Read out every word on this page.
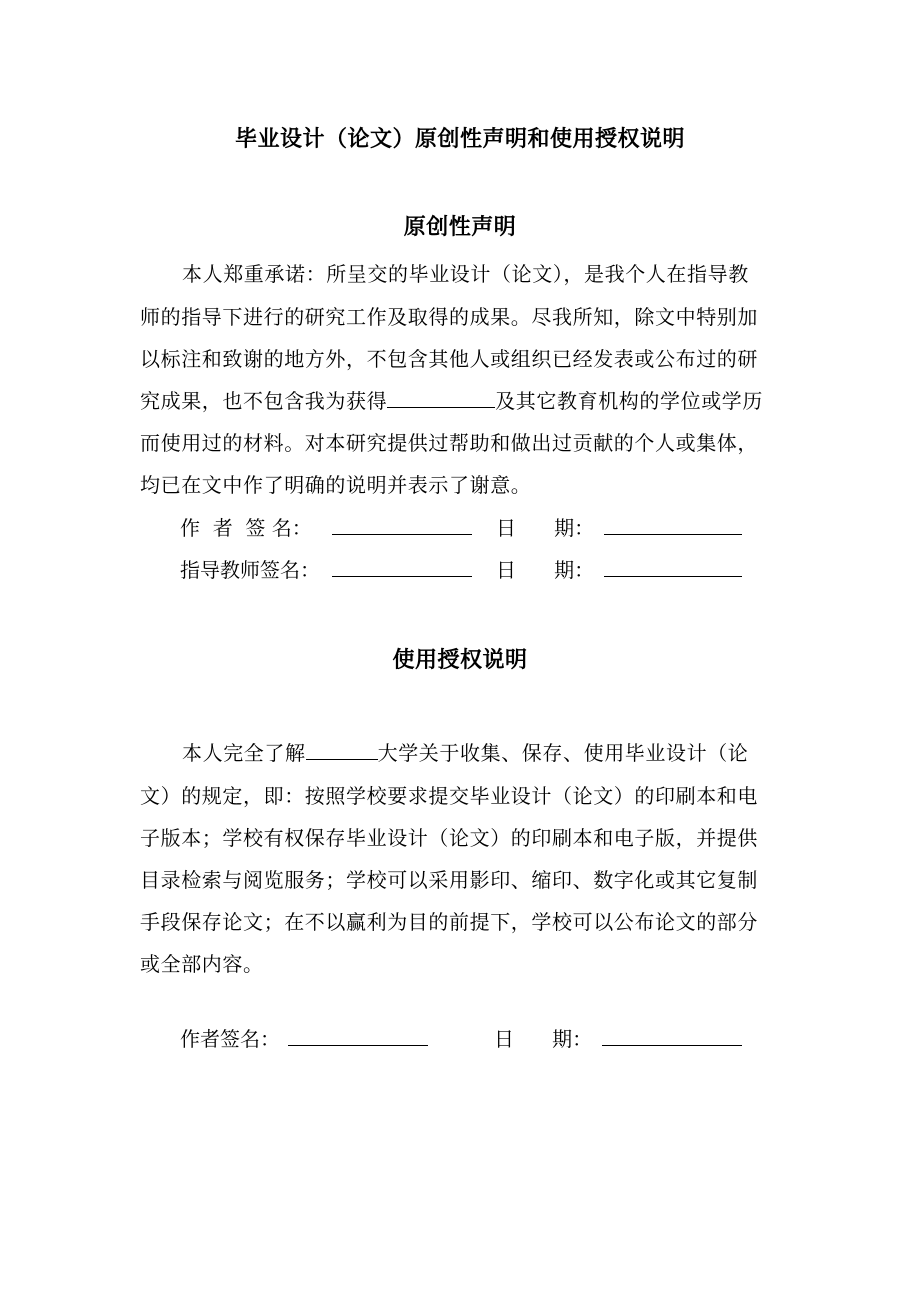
毕业设计（论文）原创性声明和使用授权说明
原创性声明
本人郑重承诺：所呈交的毕业设计（论文），是我个人在指导教
师的指导下进行的研究工作及取得的成果。尽我所知，除文中特别加
以标注和致谢的地方外，不包含其他人或组织已经发表或公布过的研
究成果，也不包含我为获得	及其它教育机构的学位或学历
而使用过的材料。对本研究提供过帮助和做出过贡献的个人或集体，
均已在文中作了明确的说明并表示了谢意。
作  者  签 名：	日      期：
指导教师签名：	日      期：
使用授权说明
本人完全了解	大学关于收集、保存、使用毕业设计（论
文）的规定，即：按照学校要求提交毕业设计（论文）的印刷本和电
子版本；学校有权保存毕业设计（论文）的印刷本和电子版，并提供
目录检索与阅览服务；学校可以采用影印、缩印、数字化或其它复制
手段保存论文；在不以赢利为目的前提下，学校可以公布论文的部分
或全部内容。
作者签名：	日      期：
